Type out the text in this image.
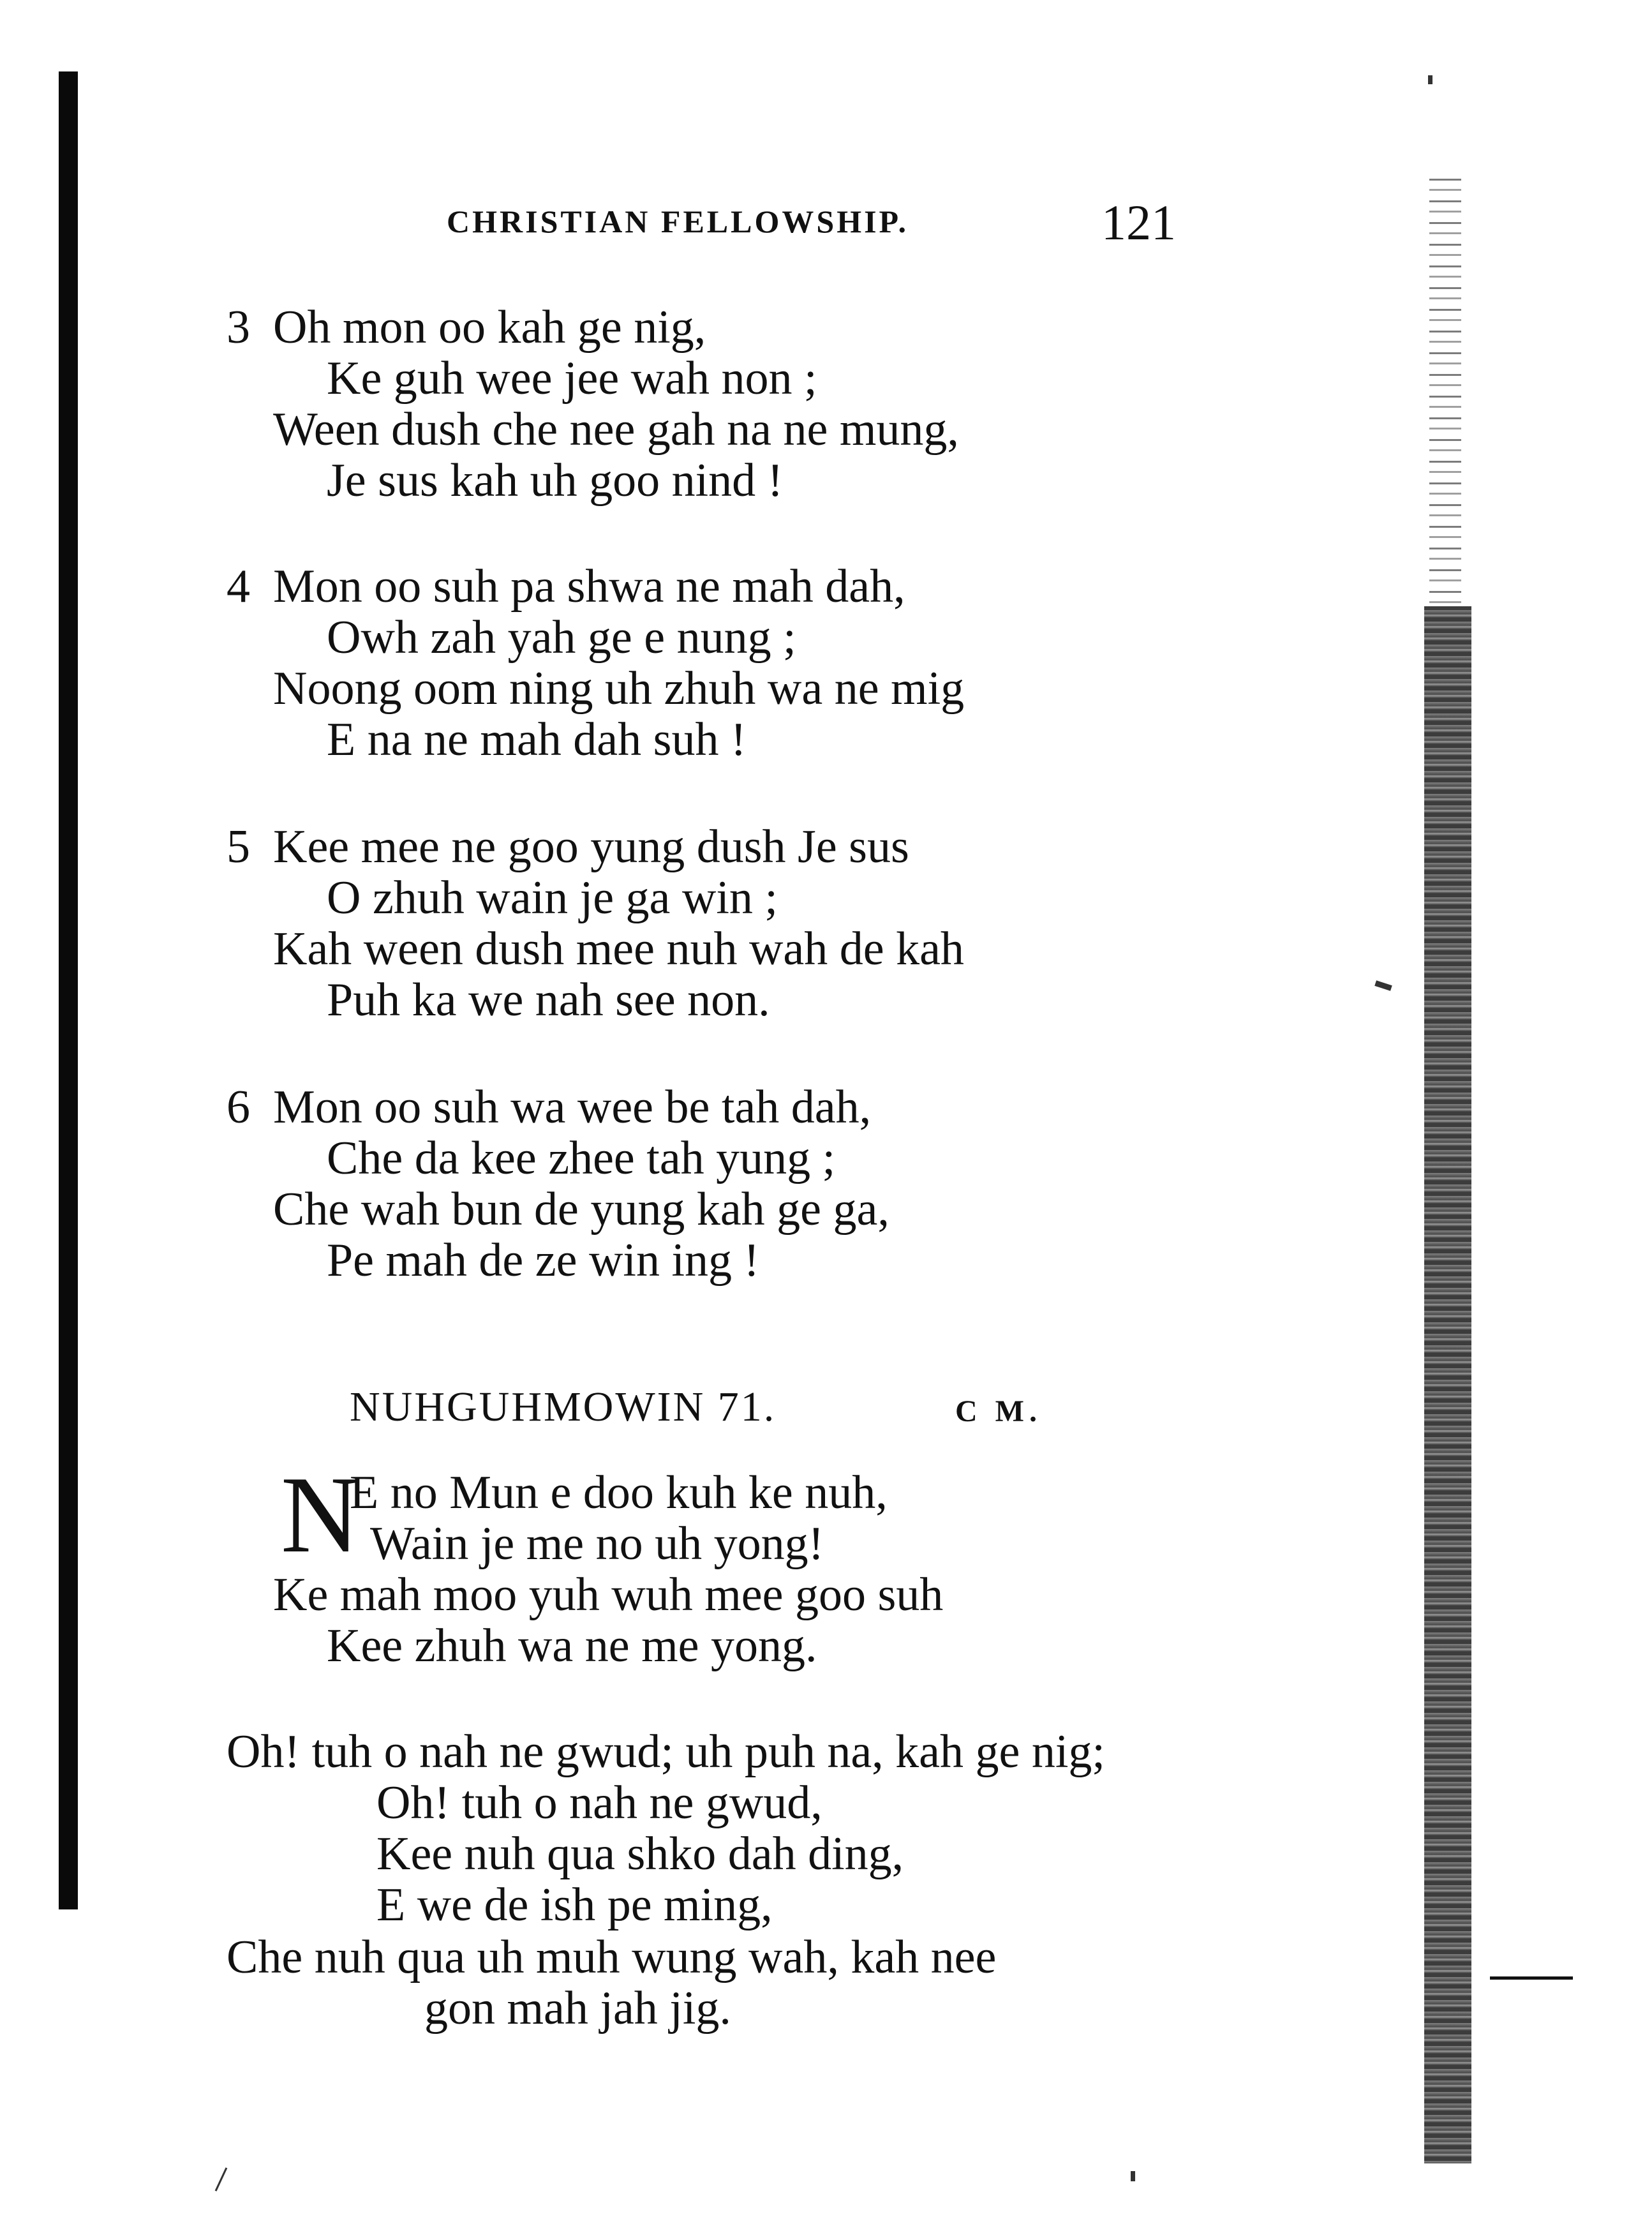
CHRISTIAN FELLOWSHIP.	121
3 Oh mon oo kah ge nig,
Ke guh wee jee wah non ;
Ween dush che nee gah na ne mung,
Je sus kah uh goo nind !
4 Mon oo suh pa shwa ne mah dah,
Owh zah yah ge e nung ;
Noong oom ning uh zhuh wa ne mig
E na ne mah dah suh !
5 Kee mee ne goo yung dush Je sus
O zhuh wain je ga win ;
Kah ween dush mee nuh wah de kah
Puh ka we nah see non.
6 Mon oo suh wa wee be tah dah,
Che da kee zhee tah yung ;
Che wah bun de yung kah ge ga,
Pe mah de ze win ing !
NUHGUHMOWIN 71.	C M.
N
E no Mun e doo kuh ke nuh,
Wain je me no uh yong!
Ke mah moo yuh wuh mee goo suh
Kee zhuh wa ne me yong.
Oh! tuh o nah ne gwud; uh puh na, kah ge nig;
Oh! tuh o nah ne gwud,
Kee nuh qua shko dah ding,
E we de ish pe ming,
Che nuh qua uh muh wung wah, kah nee
gon mah jah jig.
